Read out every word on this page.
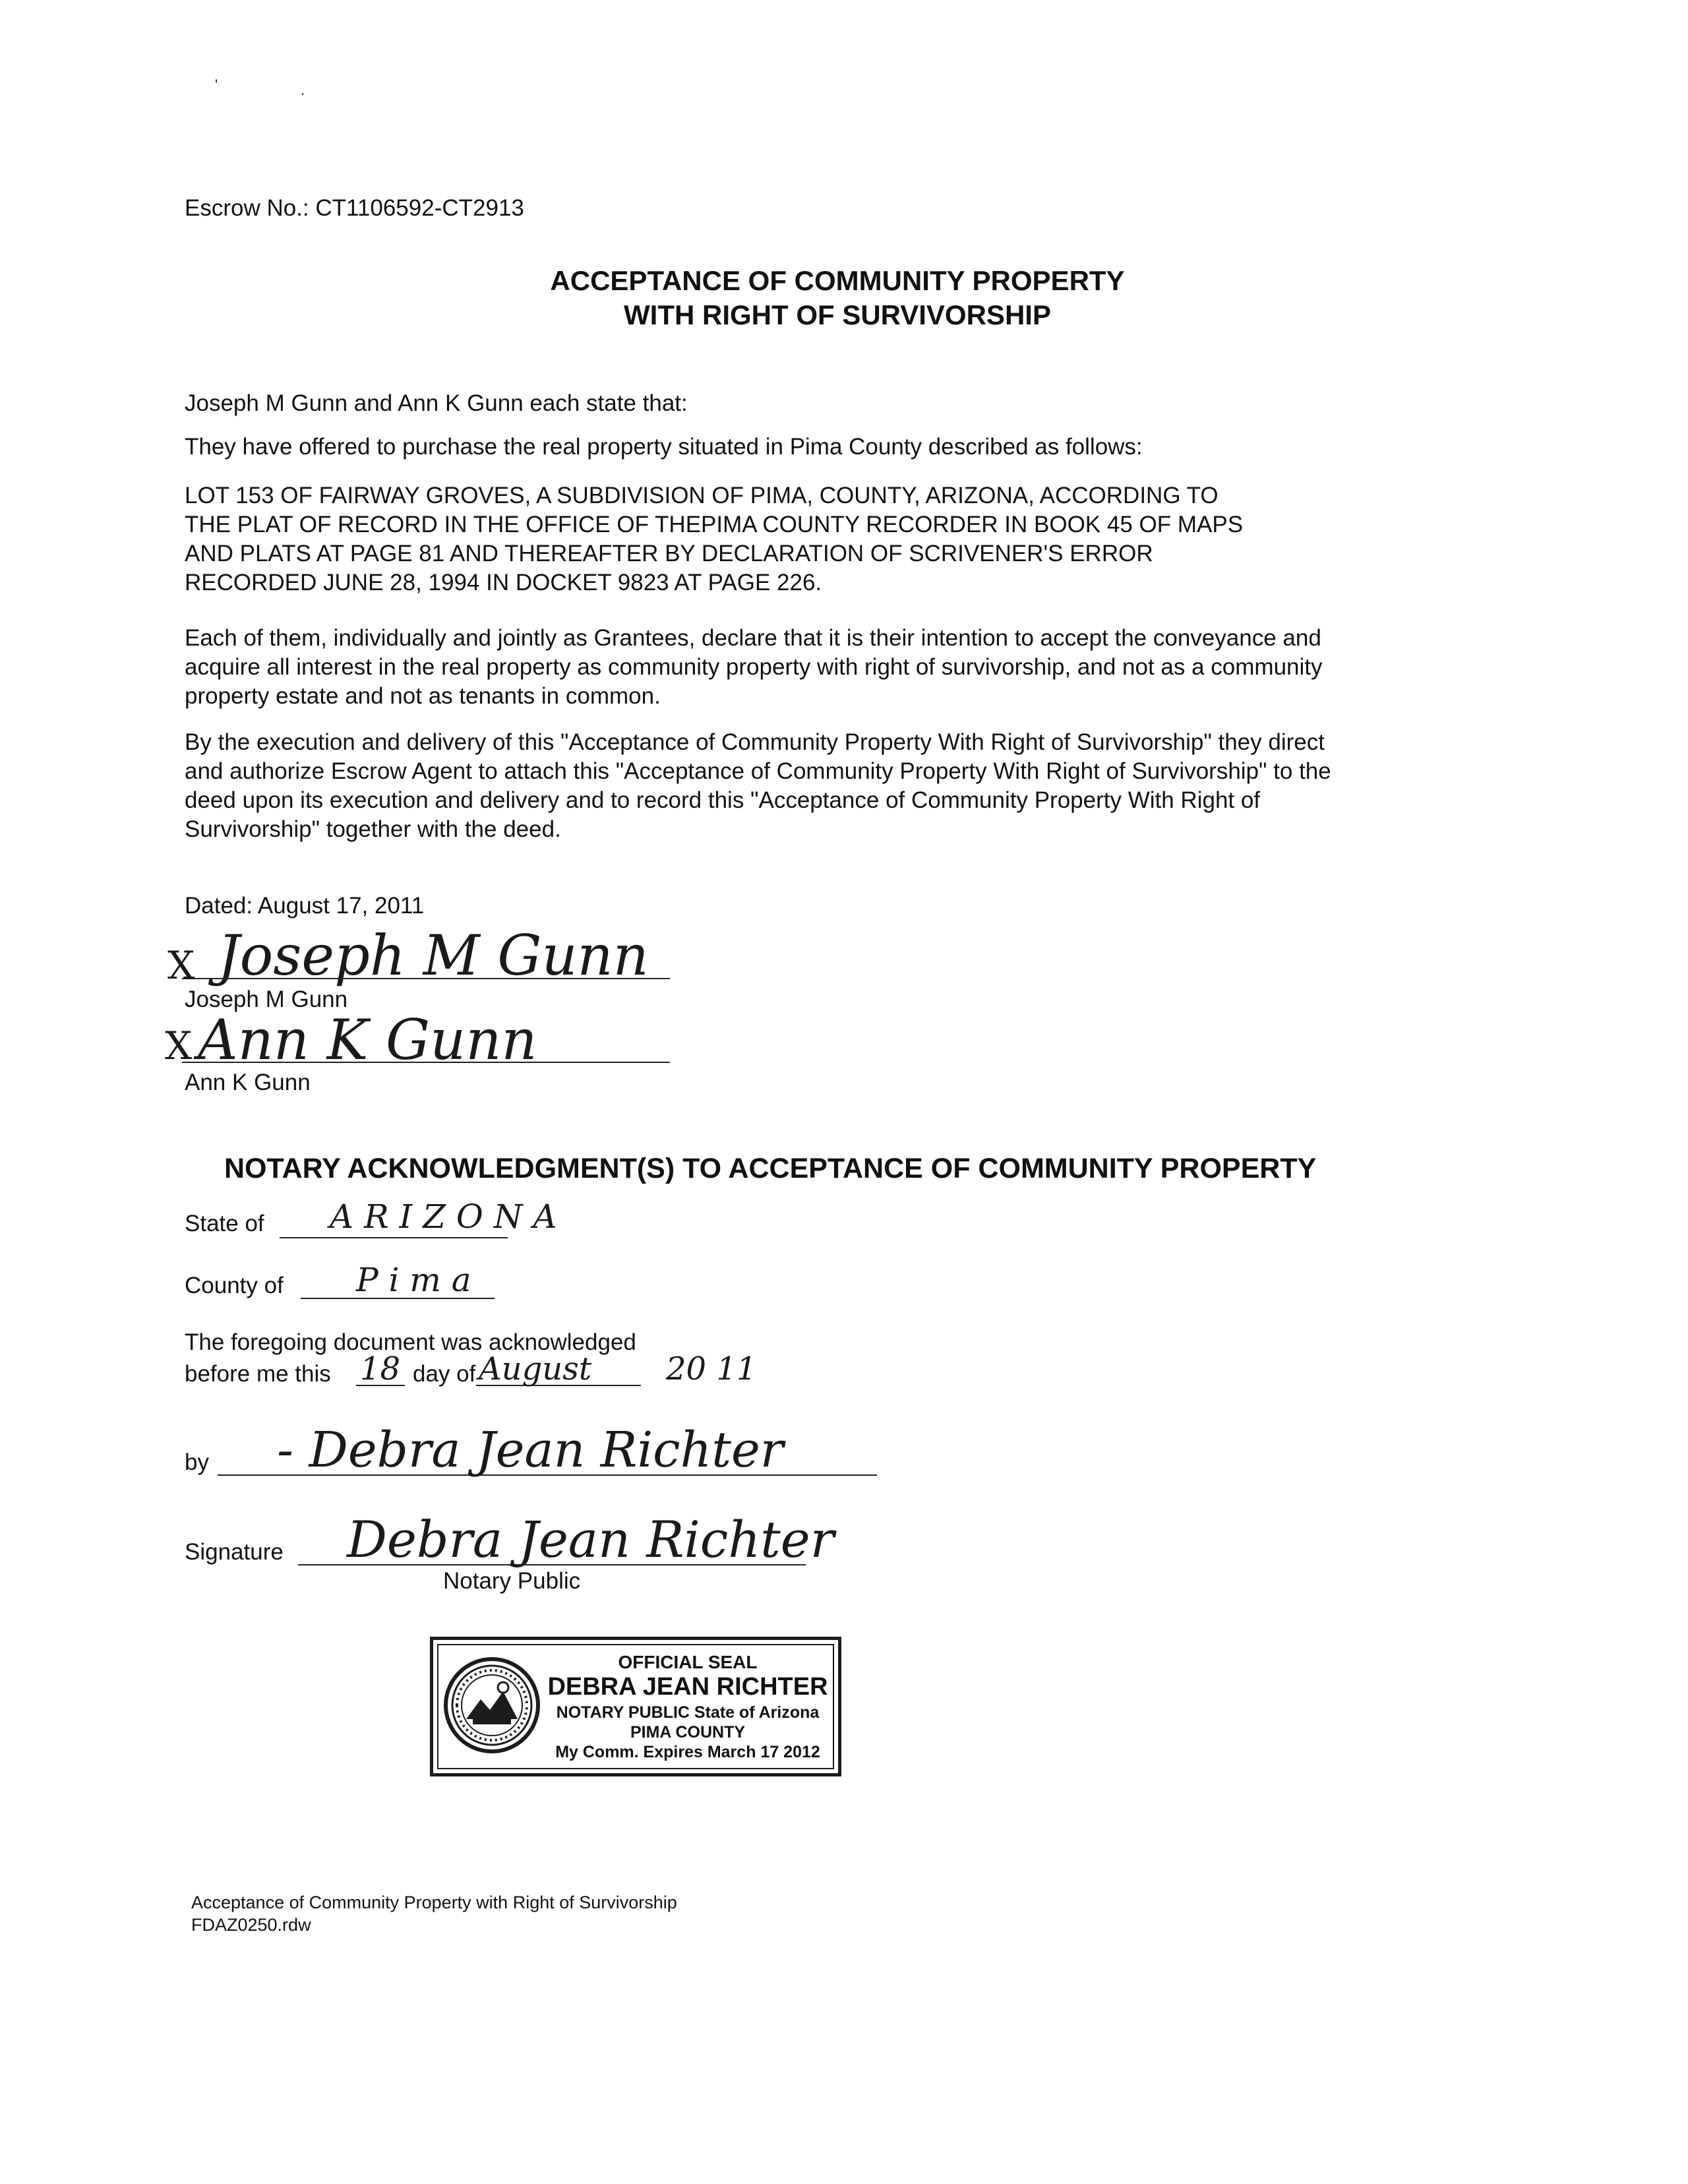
'	.
Escrow No.: CT1106592-CT2913
ACCEPTANCE OF COMMUNITY PROPERTY
WITH RIGHT OF SURVIVORSHIP
Joseph M Gunn and Ann K Gunn each state that:
They have offered to purchase the real property situated in Pima County described as follows:
LOT 153 OF FAIRWAY GROVES, A SUBDIVISION OF PIMA, COUNTY, ARIZONA, ACCORDING TO
THE PLAT OF RECORD IN THE OFFICE OF THEPIMA COUNTY RECORDER IN BOOK 45 OF MAPS
AND PLATS AT PAGE 81 AND THEREAFTER BY DECLARATION OF SCRIVENER'S ERROR
RECORDED JUNE 28, 1994 IN DOCKET 9823 AT PAGE 226.
Each of them, individually and jointly as Grantees, declare that it is their intention to accept the conveyance and
acquire all interest in the real property as community property with right of survivorship, and not as a community
property estate and not as tenants in common.
By the execution and delivery of this "Acceptance of Community Property With Right of Survivorship" they direct
and authorize Escrow Agent to attach this "Acceptance of Community Property With Right of Survivorship" to the
deed upon its execution and delivery and to record this "Acceptance of Community Property With Right of
Survivorship" together with the deed.
Dated: August 17, 2011
X Joseph M Gunn
Joseph M Gunn
X Ann K Gunn
Ann K Gunn
NOTARY ACKNOWLEDGMENT(S) TO ACCEPTANCE OF COMMUNITY PROPERTY
State of A R I Z O N A
County of P i m a
The foregoing document was acknowledged
before me this 18 day of August 20 11
by - Debra Jean Richter
Signature Debra Jean Richter
Notary Public
OFFICIAL SEAL
DEBRA JEAN RICHTER
NOTARY PUBLIC State of Arizona
PIMA COUNTY
My Comm. Expires March 17 2012
Acceptance of Community Property with Right of Survivorship
FDAZ0250.rdw
